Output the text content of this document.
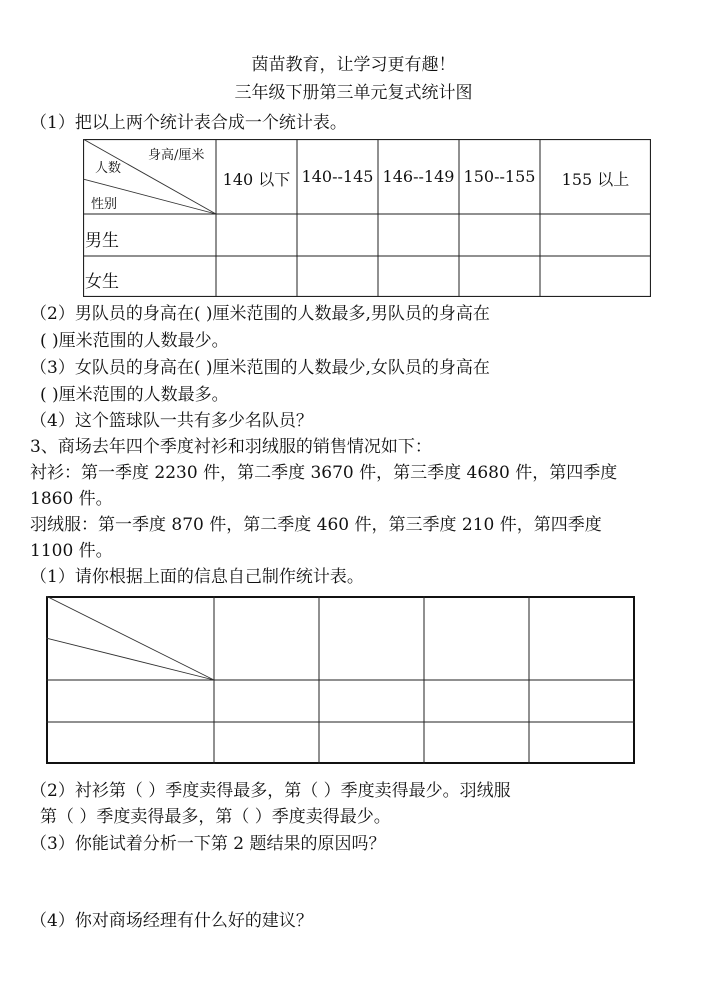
茵苗教育，让学习更有趣！
三年级下册第三单元复式统计图
（1）把以上两个统计表合成一个统计表。
身高/厘米
人数
性别
140 以下 140--145 146--149 150--155	155 以上
男生
女生
（2）男队员的身高在( )厘米范围的人数最多,男队员的身高在
( )厘米范围的人数最少。
（3）女队员的身高在( )厘米范围的人数最少,女队员的身高在
( )厘米范围的人数最多。
（4）这个篮球队一共有多少名队员？
3、商场去年四个季度衬衫和羽绒服的销售情况如下：
衬衫：第一季度 2230 件，第二季度 3670 件，第三季度 4680 件，第四季度
1860 件。
羽绒服：第一季度 870 件，第二季度 460 件，第三季度 210 件，第四季度
1100 件。
（1）请你根据上面的信息自己制作统计表。
（2）衬衫第（ ）季度卖得最多，第（ ）季度卖得最少。羽绒服
第（ ）季度卖得最多，第（ ）季度卖得最少。
（3）你能试着分析一下第 2 题结果的原因吗？
（4）你对商场经理有什么好的建议？
